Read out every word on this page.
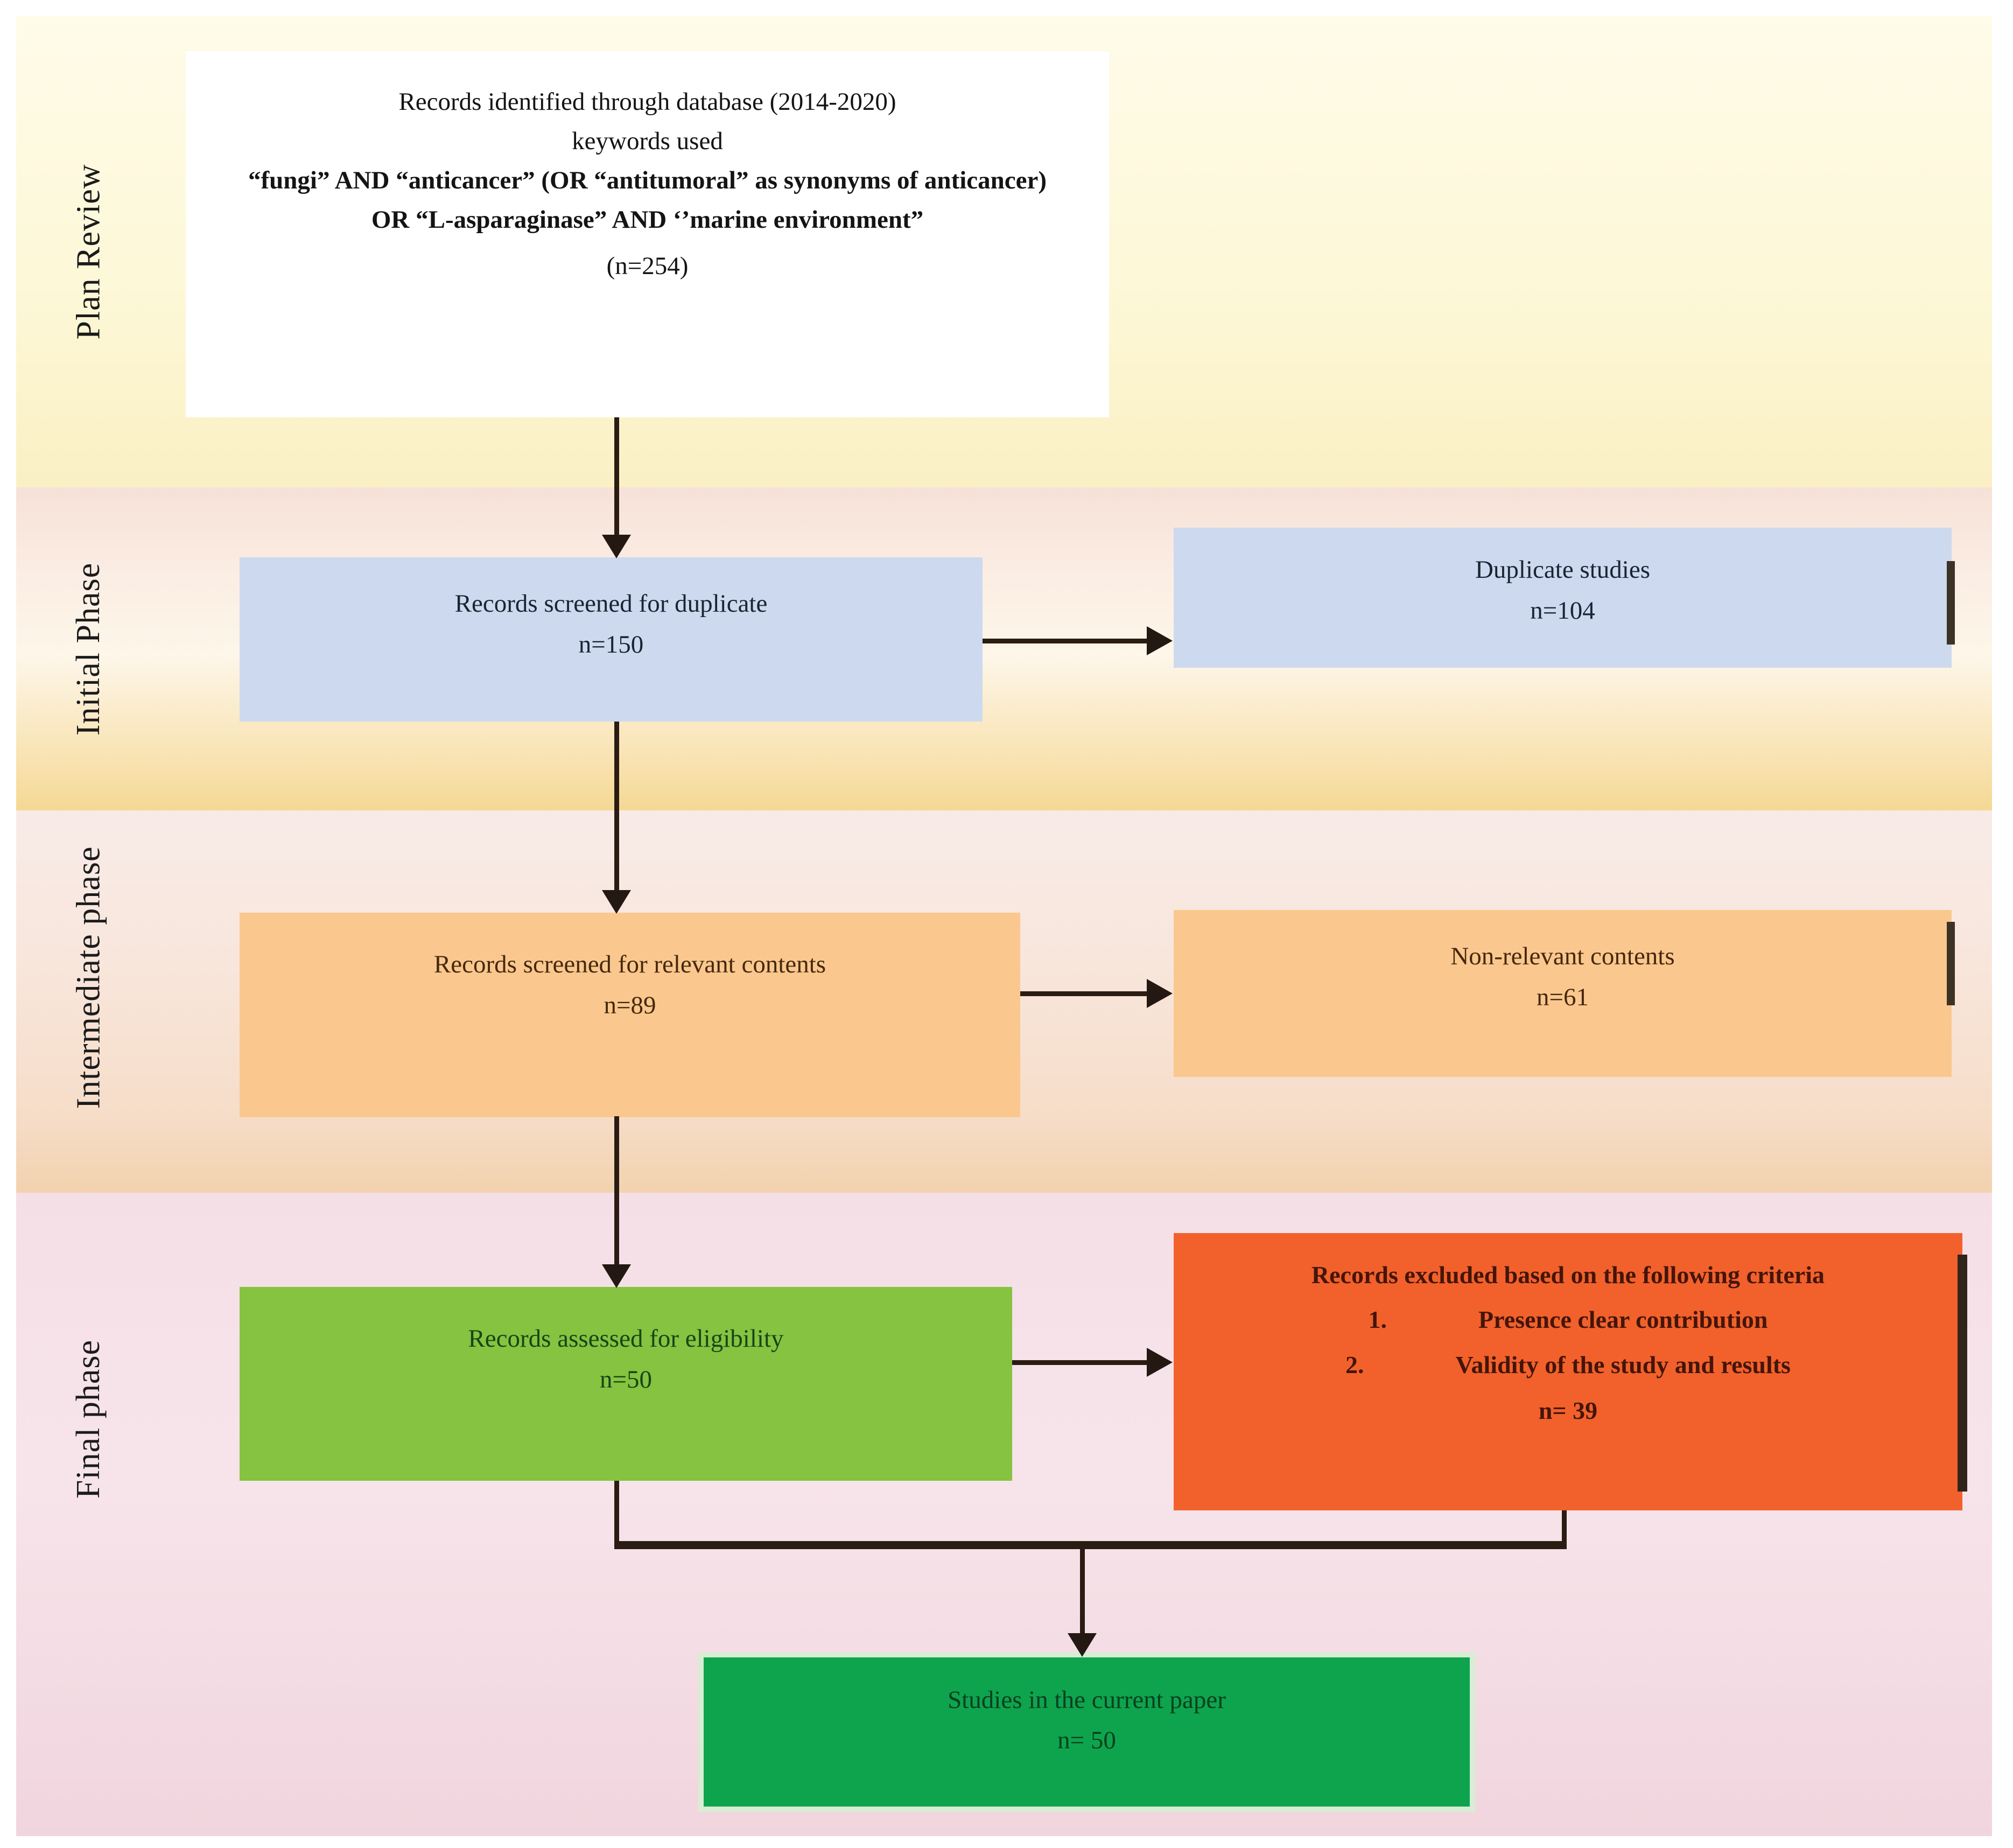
Plan Review
Initial Phase
Intermediate phase
Final phase
Records identified through database (2014-2020)
keywords used
“fungi” AND “anticancer” (OR “antitumoral” as synonyms of anticancer) OR “L-asparaginase” AND ‘’marine environment”
(n=254)
Records screened for duplicate
n=150
Duplicate studies
n=104
Records screened for relevant contents
n=89
Non-relevant contents
n=61
Records assessed for eligibility
n=50
Records excluded based on the following criteria
1.	Presence clear contribution
2.	Validity of the study and results
n= 39
Studies in the current paper
n= 50
